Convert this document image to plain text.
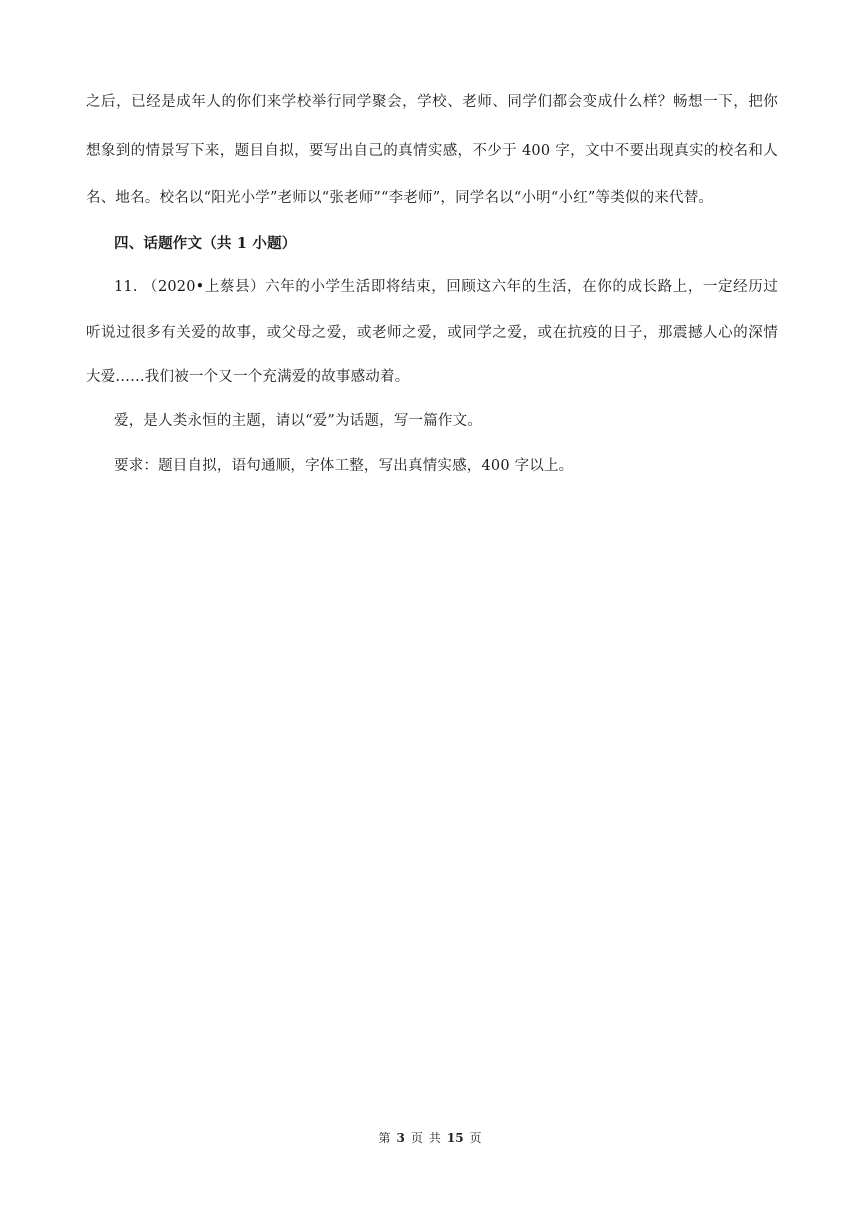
之后，已经是成年人的你们来学校举行同学聚会，学校、老师、同学们都会变成什么样？畅想一下，把你
想象到的情景写下来，题目自拟，要写出自己的真情实感，不少于 400 字，文中不要出现真实的校名和人
名、地名。校名以“阳光小学”老师以“张老师”“李老师”，同学名以“小明“小红”等类似的来代替。
四、话题作文（共 1 小题）
11. （2020•上蔡县）六年的小学生活即将结束，回顾这六年的生活，在你的成长路上，一定经历过
听说过很多有关爱的故事，或父母之爱，或老师之爱，或同学之爱，或在抗疫的日子，那震撼人心的深情
大爱……我们被一个又一个充满爱的故事感动着。
爱，是人类永恒的主题，请以“爱”为话题，写一篇作文。
要求：题目自拟，语句通顺，字体工整，写出真情实感，400 字以上。
第 3 页 共 15 页
